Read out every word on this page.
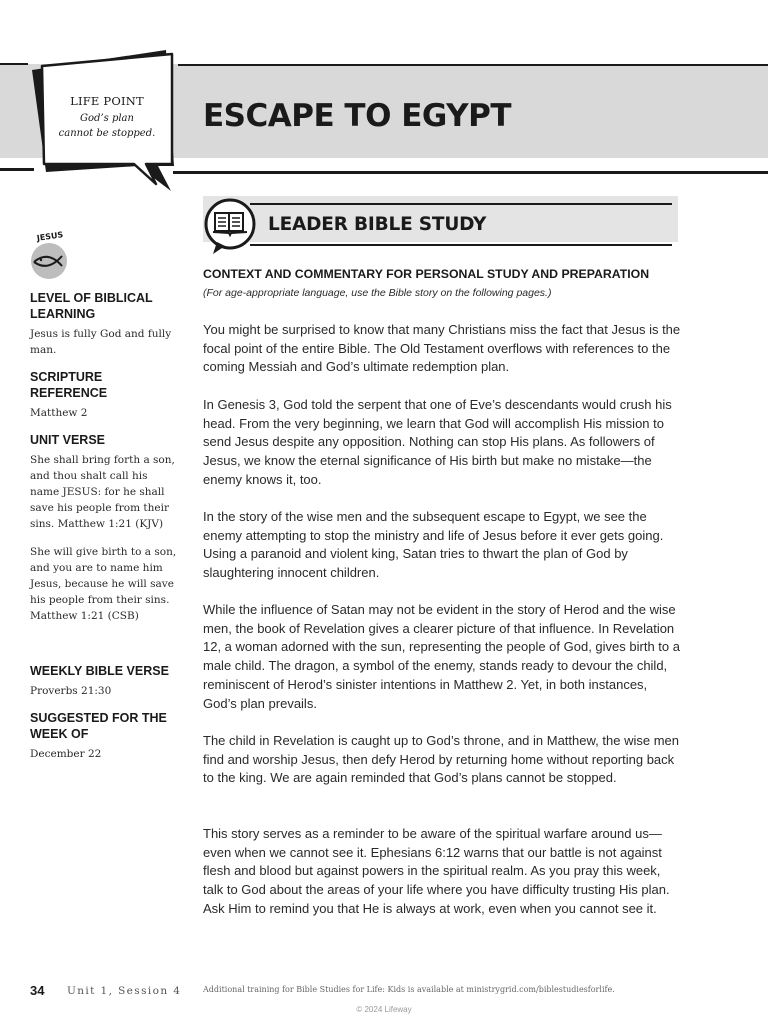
LIFE POINT
God’s plan
cannot be stopped.	ESCAPE TO EGYPT
LEADER BIBLE STUDY
JESUS
LEVEL OF BIBLICAL LEARNING
Jesus is fully God and fully man.
SCRIPTURE REFERENCE
Matthew 2
UNIT VERSE
She shall bring forth a son, and thou shalt call his name JESUS: for he shall save his people from their sins. Matthew 1:21 (KJV)
She will give birth to a son, and you are to name him Jesus, because he will save his people from their sins. Matthew 1:21 (CSB)
WEEKLY BIBLE VERSE
Proverbs 21:30
SUGGESTED FOR THE WEEK OF
December 22
CONTEXT AND COMMENTARY FOR PERSONAL STUDY AND PREPARATION
(For age-appropriate language, use the Bible story on the following pages.)

You might be surprised to know that many Christians miss the fact that Jesus is the focal point of the entire Bible. The Old Testament overflows with references to the coming Messiah and God’s ultimate redemption plan.

In Genesis 3, God told the serpent that one of Eve’s descendants would crush his head. From the very beginning, we learn that God will accomplish His mission to send Jesus despite any opposition. Nothing can stop His plans. As followers of Jesus, we know the eternal significance of His birth but make no mistake—the enemy knows it, too.

In the story of the wise men and the subsequent escape to Egypt, we see the enemy attempting to stop the ministry and life of Jesus before it ever gets going. Using a paranoid and violent king, Satan tries to thwart the plan of God by slaughtering innocent children.

While the influence of Satan may not be evident in the story of Herod and the wise men, the book of Revelation gives a clearer picture of that influence. In Revelation 12, a woman adorned with the sun, representing the people of God, gives birth to a male child. The dragon, a symbol of the enemy, stands ready to devour the child, reminiscent of Herod’s sinister intentions in Matthew 2. Yet, in both instances, God’s plan prevails.

The child in Revelation is caught up to God’s throne, and in Matthew, the wise men find and worship Jesus, then defy Herod by returning home without reporting back to the king. We are again reminded that God’s plans cannot be stopped.

This story serves as a reminder to be aware of the spiritual warfare around us—even when we cannot see it. Ephesians 6:12 warns that our battle is not against flesh and blood but against powers in the spiritual realm. As you pray this week, talk to God about the areas of your life where you have difficulty trusting His plan. Ask Him to remind you that He is always at work, even when you cannot see it.

34 Unit 1, Session 4	Additional training for Bible Studies for Life: Kids is available at ministrygrid.com/biblestudiesforlife.
© 2024 Lifeway
